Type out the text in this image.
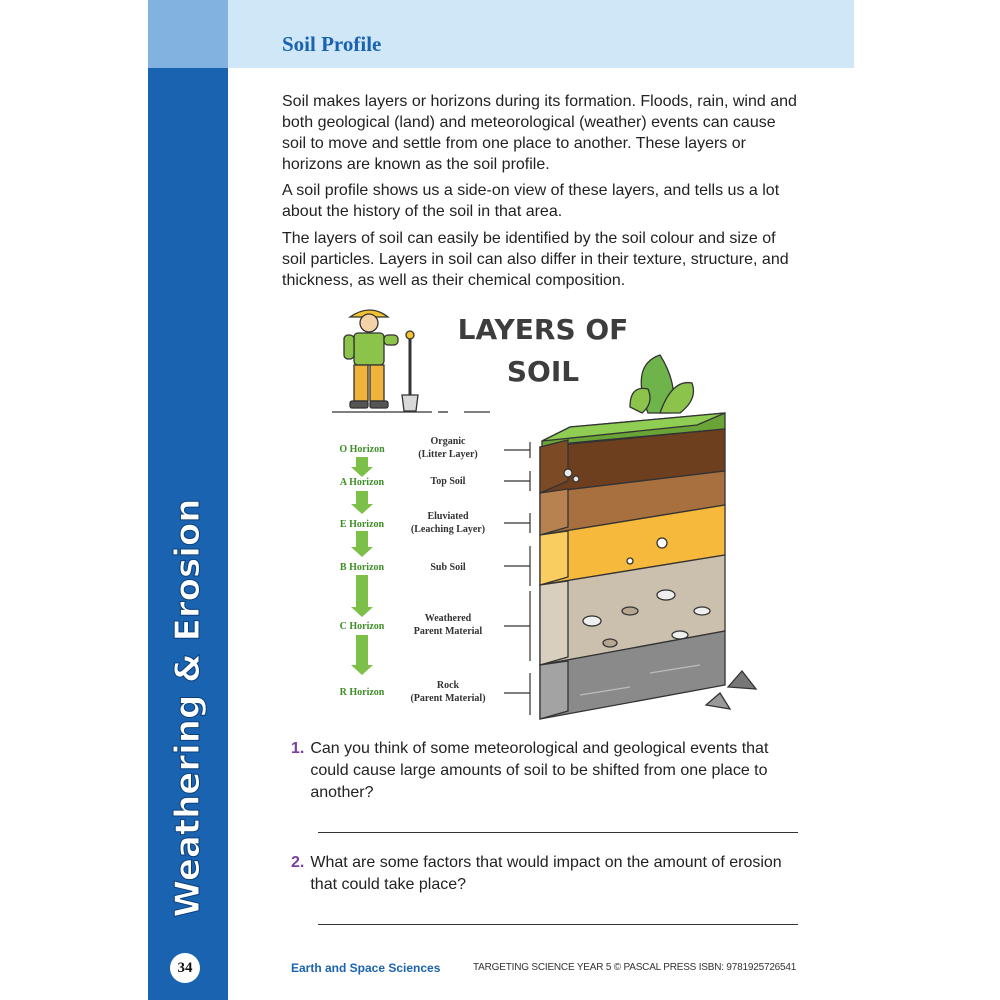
Soil Profile
Weathering & Erosion

Soil makes layers or horizons during its formation. Floods, rain, wind and both geological (land) and meteorological (weather) events can cause soil to move and settle from one place to another. These layers or horizons are known as the soil profile.

A soil profile shows us a side-on view of these layers, and tells us a lot about the history of the soil in that area.

The layers of soil can easily be identified by the soil colour and size of soil particles. Layers in soil can also differ in their texture, structure, and thickness, as well as their chemical composition.

LAYERS OF
SOIL
O Horizon
A Horizon
E Horizon
B Horizon
C Horizon
R Horizon
Organic
(Litter Layer)
Top Soil
Eluviated
(Leaching Layer)
Sub Soil
Weathered
Parent Material
Rock
(Parent Material)
1. Can you think of some meteorological and geological events that could cause large amounts of soil to be shifted from one place to another?
2. What are some factors that would impact on the amount of erosion that could take place?
34	Earth and Space Sciences	TARGETING SCIENCE YEAR 5 © PASCAL PRESS ISBN: 9781925726541
